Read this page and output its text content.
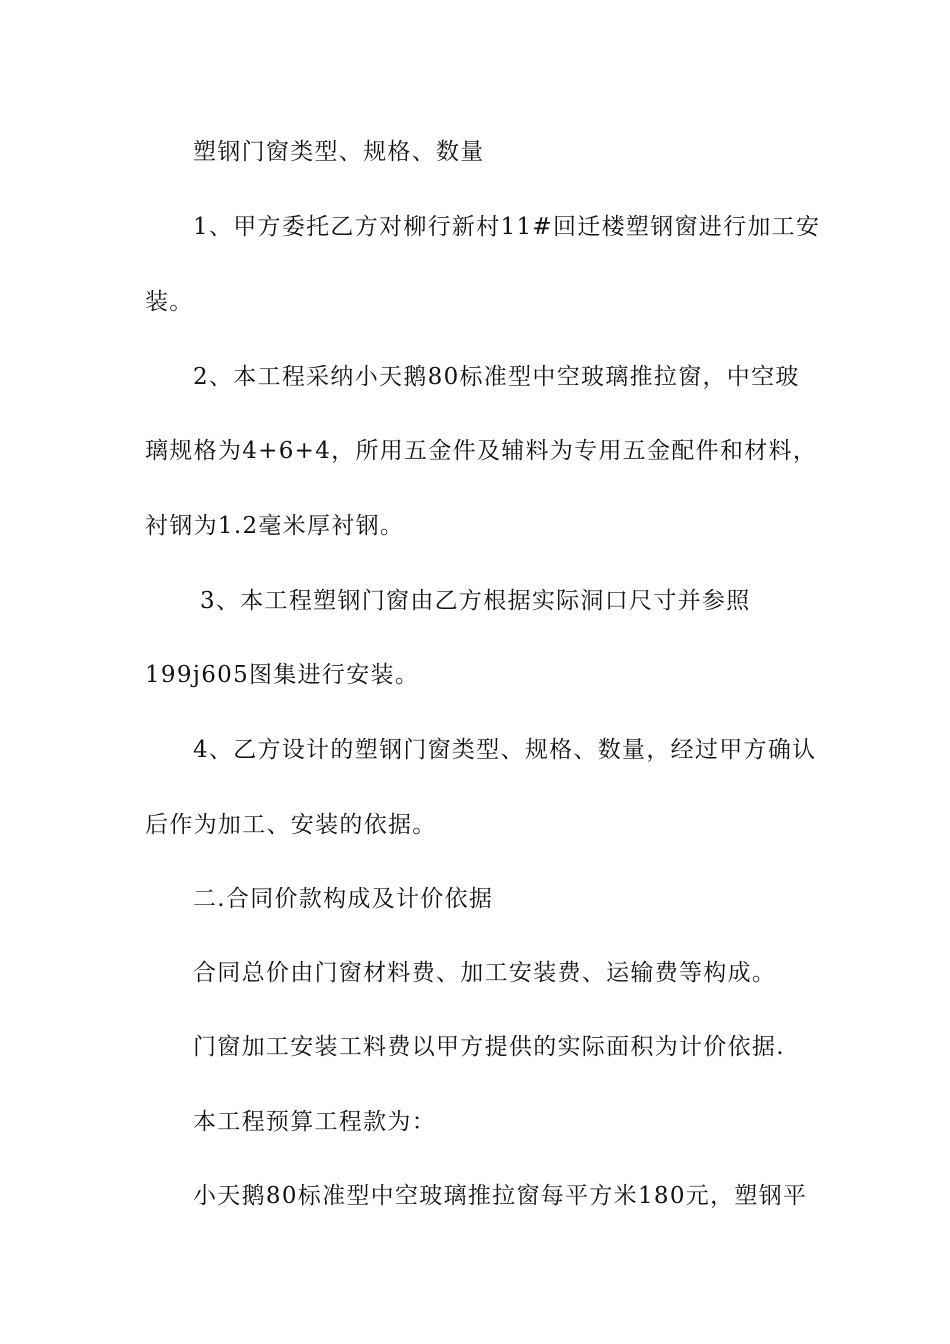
塑钢门窗类型、规格、数量
1、甲方委托乙方对柳行新村11#回迁楼塑钢窗进行加工安
装。
2、本工程采纳小天鹅80标准型中空玻璃推拉窗，中空玻
璃规格为4+6+4，所用五金件及辅料为专用五金配件和材料，
衬钢为1.2毫米厚衬钢。
3、本工程塑钢门窗由乙方根据实际洞口尺寸并参照
199j605图集进行安装。
4、乙方设计的塑钢门窗类型、规格、数量，经过甲方确认
后作为加工、安装的依据。
二.合同价款构成及计价依据
合同总价由门窗材料费、加工安装费、运输费等构成。
门窗加工安装工料费以甲方提供的实际面积为计价依据.
本工程预算工程款为：
小天鹅80标准型中空玻璃推拉窗每平方米180元，塑钢平
